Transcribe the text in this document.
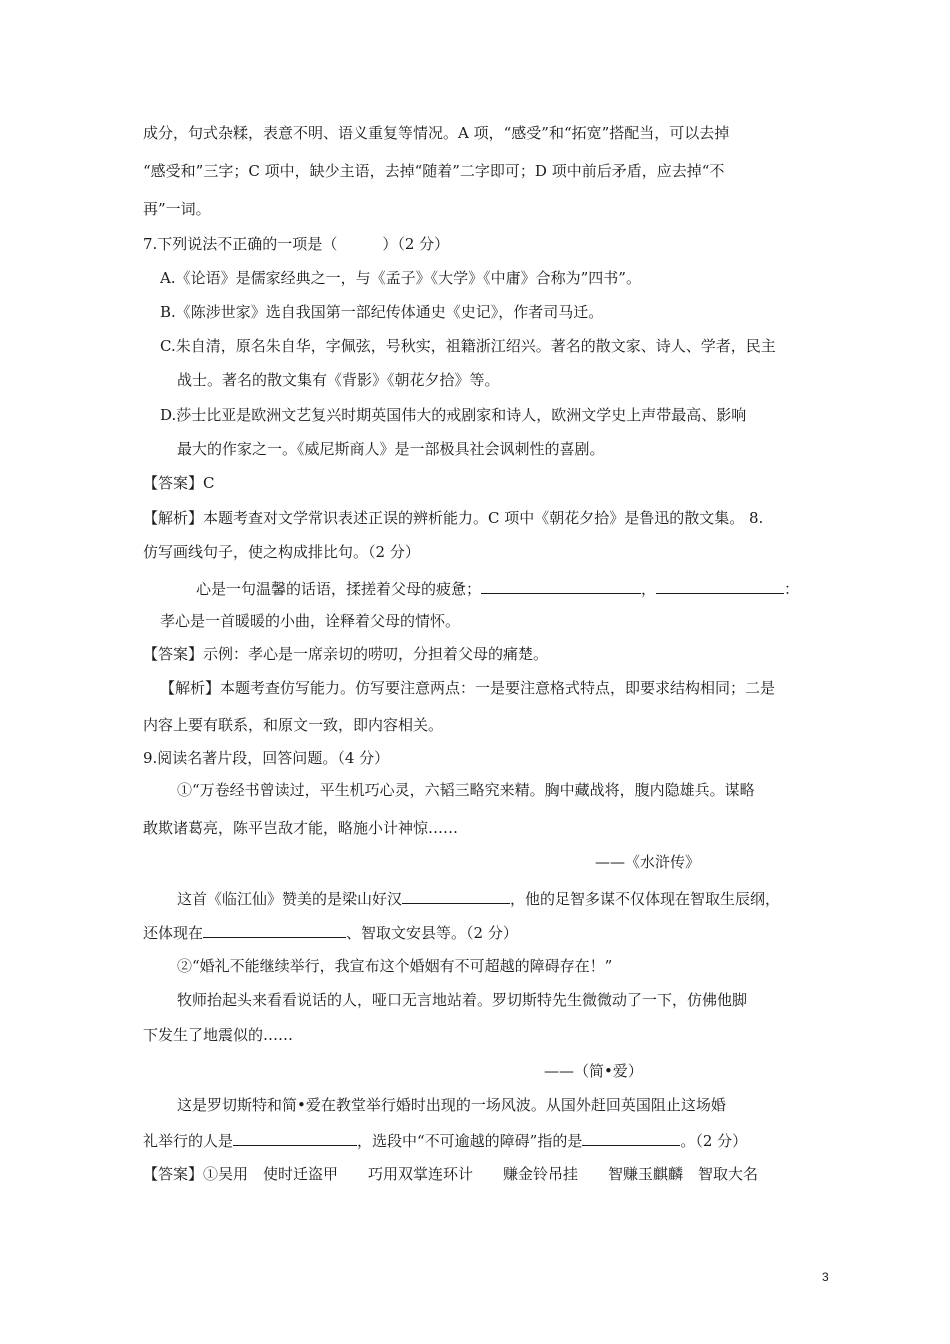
成分，句式杂糅，表意不明、语义重复等情况。A 项，“感受”和“拓宽”搭配当，可以去掉
“感受和”三字；C 项中，缺少主语，去掉“随着”二字即可；D 项中前后矛盾，应去掉“不
再”一词。
7.下列说法不正确的一项是（　　　）（2 分）
A.《论语》是儒家经典之一，与《孟子》《大学》《中庸》合称为”四书”。
B.《陈涉世家》选自我国第一部纪传体通史《史记》，作者司马迁。
C.朱自清，原名朱自华，字佩弦，号秋实，祖籍浙江绍兴。著名的散文家、诗人、学者，民主
战士。著名的散文集有《背影》《朝花夕拾》等。
D.莎士比亚是欧洲文艺复兴时期英国伟大的戒剧家和诗人，欧洲文学史上声带最高、影响
最大的作家之一。《威尼斯商人》是一部极具社会讽刺性的喜剧。
【答案】C
【解析】本题考查对文学常识表述正误的辨析能力。C 项中《朝花夕拾》是鲁迅的散文集。 8.
仿写画线句子，使之构成排比句。（2 分）
心是一句温馨的话语，揉搓着父母的疲惫；	，	：
孝心是一首暖暖的小曲，诠释着父母的情怀。
【答案】示例：孝心是一席亲切的唠叨，分担着父母的痛楚。
【解析】本题考查仿写能力。仿写要注意两点：一是要注意格式特点，即要求结构相同；二是
内容上要有联系，和原文一致，即内容相关。
9.阅读名著片段，回答问题。（4 分）
①“万卷经书曾读过，平生机巧心灵，六韬三略究来精。胸中藏战将，腹内隐雄兵。谋略
敢欺诸葛亮，陈平岂敌才能，略施小计神惊……
——《水浒传》
这首《临江仙》赞美的是梁山好汉	，他的足智多谋不仅体现在智取生辰纲，
还体现在	、智取文安县等。（2 分）
②“婚礼不能继续举行，我宣布这个婚姻有不可超越的障碍存在！”
牧师抬起头来看看说话的人，哑口无言地站着。罗切斯特先生微微动了一下，仿佛他脚
下发生了地震似的……
——（简•爱）
这是罗切斯特和简•爱在教堂举行婚时出现的一场风波。从国外赶回英国阻止这场婚
礼举行的人是	，选段中“不可逾越的障碍”指的是	。（2 分）
【答案】①吴用　使时迁盗甲　　巧用双掌连环计　　赚金铃吊挂　　智赚玉麒麟　智取大名
3
